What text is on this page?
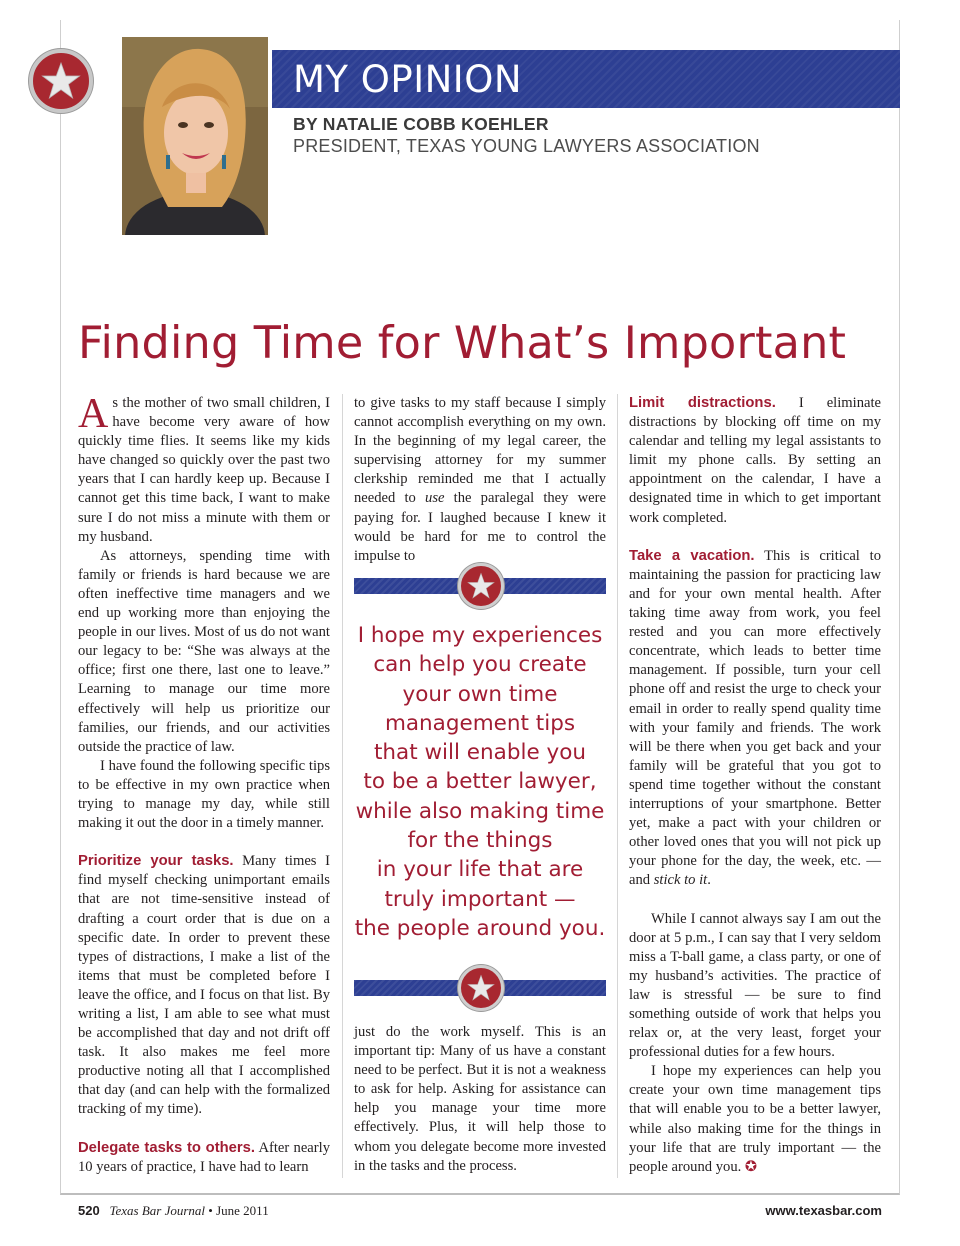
MY OPINION
BY NATALIE COBB KOEHLER
PRESIDENT, TEXAS YOUNG LAWYERS ASSOCIATION
Finding Time for What’s Important

As the mother of two small children, I have become very aware of how quickly time flies. It seems like my kids have changed so quickly over the past two years that I can hardly keep up. Because I cannot get this time back, I want to make sure I do not miss a minute with them or my husband.

As attorneys, spending time with family or friends is hard because we are often ineffective time managers and we end up working more than enjoying the people in our lives. Most of us do not want our legacy to be: “She was always at the office; first one there, last one to leave.” Learning to manage our time more effectively will help us prioritize our families, our friends, and our activities outside the practice of law.

I have found the following specific tips to be effective in my own practice when trying to manage my day, while still making it out the door in a timely manner.

Prioritize your tasks. Many times I find myself checking unimportant emails that are not time-sensitive instead of drafting a court order that is due on a specific date. In order to prevent these types of distractions, I make a list of the items that must be completed before I leave the office, and I focus on that list. By writing a list, I am able to see what must be accomplished that day and not drift off task. It also makes me feel more productive noting all that I accomplished that day (and can help with the formalized tracking of my time).

Delegate tasks to others. After nearly 10 years of practice, I have had to learn

to give tasks to my staff because I simply cannot accomplish everything on my own. In the beginning of my legal career, the supervising attorney for my summer clerkship reminded me that I actually needed to use the paralegal they were paying for. I laughed because I knew it would be hard for me to control the impulse to

I hope my experiences
can help you create
your own time
management tips
that will enable you
to be a better lawyer,
while also making time
for the things
in your life that are
truly important —
the people around you.

just do the work myself. This is an important tip: Many of us have a constant need to be perfect. But it is not a weakness to ask for help. Asking for assistance can help you manage your time more effectively. Plus, it will help those to whom you delegate become more invested in the tasks and the process.

Limit distractions. I eliminate distractions by blocking off time on my calendar and telling my legal assistants to limit my phone calls. By setting an appointment on the calendar, I have a designated time in which to get important work completed.

Take a vacation. This is critical to maintaining the passion for practicing law and for your own mental health. After taking time away from work, you feel rested and you can more effectively concentrate, which leads to better time management. If possible, turn your cell phone off and resist the urge to check your email in order to really spend quality time with your family and friends. The work will be there when you get back and your family will be grateful that you got to spend time together without the constant interruptions of your smartphone. Better yet, make a pact with your children or other loved ones that you will not pick up your phone for the day, the week, etc. — and stick to it.

While I cannot always say I am out the door at 5 p.m., I can say that I very seldom miss a T-ball game, a class party, or one of my husband’s activities. The practice of law is stressful — be sure to find something outside of work that helps you relax or, at the very least, forget your professional duties for a few hours.

I hope my experiences can help you create your own time management tips that will enable you to be a better lawyer, while also making time for the things in your life that are truly important — the people around you. ✪

520 Texas Bar Journal • June 2011	www.texasbar.com
